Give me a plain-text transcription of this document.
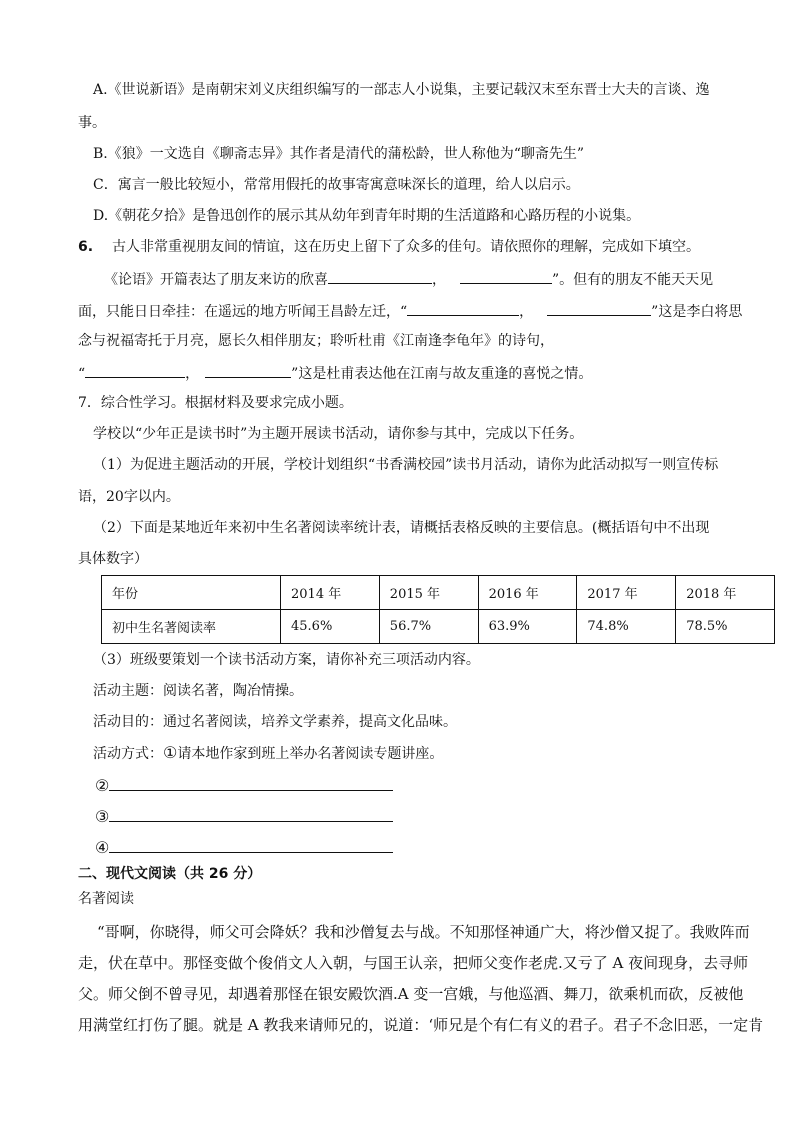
A.《世说新语》是南朝宋刘义庆组织编写的一部志人小说集，主要记载汉末至东晋士大夫的言谈、逸
事。
B.《狼》一文选自《聊斋志异》其作者是清代的蒲松龄，世人称他为“聊斋先生”
C．寓言一般比较短小，常常用假托的故事寄寓意味深长的道理，给人以启示。
D.《朝花夕拾》是鲁迅创作的展示其从幼年到青年时期的生活道路和心路历程的小说集。
6. 古人非常重视朋友间的情谊，这在历史上留下了众多的佳句。请依照你的理解，完成如下填空。
《论语》开篇表达了朋友来访的欣喜	，	”。但有的朋友不能天天见
面，只能日日牵挂：在遥远的地方听闻王昌龄左迁，“	，	”这是李白将思
念与祝福寄托于月亮，愿长久相伴朋友；聆听杜甫《江南逢李龟年》的诗句，
“	，	”这是杜甫表达他在江南与故友重逢的喜悦之情。
7．综合性学习。根据材料及要求完成小题。
学校以“少年正是读书时”为主题开展读书活动，请你参与其中，完成以下任务。
（1）为促进主题活动的开展，学校计划组织“书香满校园”读书月活动，请你为此活动拟写一则宣传标
语，20字以内。
（2）下面是某地近年来初中生名著阅读率统计表，请概括表格反映的主要信息。(概括语句中不出现
具体数字）
年份	2014 年	2015 年	2016 年	2017 年	2018 年
初中生名著阅读率	45.6%	56.7%	63.9%	74.8%	78.5%
（3）班级要策划一个读书活动方案，请你补充三项活动内容。
活动主题：阅读名著，陶冶情操。
活动目的：通过名著阅读，培养文学素养，提高文化品味。
活动方式：①请本地作家到班上举办名著阅读专题讲座。
②
③
④
二、现代文阅读（共 26 分）
名著阅读
“哥啊，你晓得，师父可会降妖？我和沙僧复去与战。不知那怪神通广大，将沙僧又捉了。我败阵而
走，伏在草中。那怪变做个俊俏文人入朝，与国王认亲，把师父变作老虎.又亏了 A 夜间现身，去寻师
父。师父倒不曾寻见，却遇着那怪在银安殿饮酒.A 变一宫娥，与他巡酒、舞刀，欲乘机而砍，反被他
用满堂红打伤了腿。就是 A 教我来请师兄的，说道：‘师兄是个有仁有义的君子。君子不念旧恶，一定肯
